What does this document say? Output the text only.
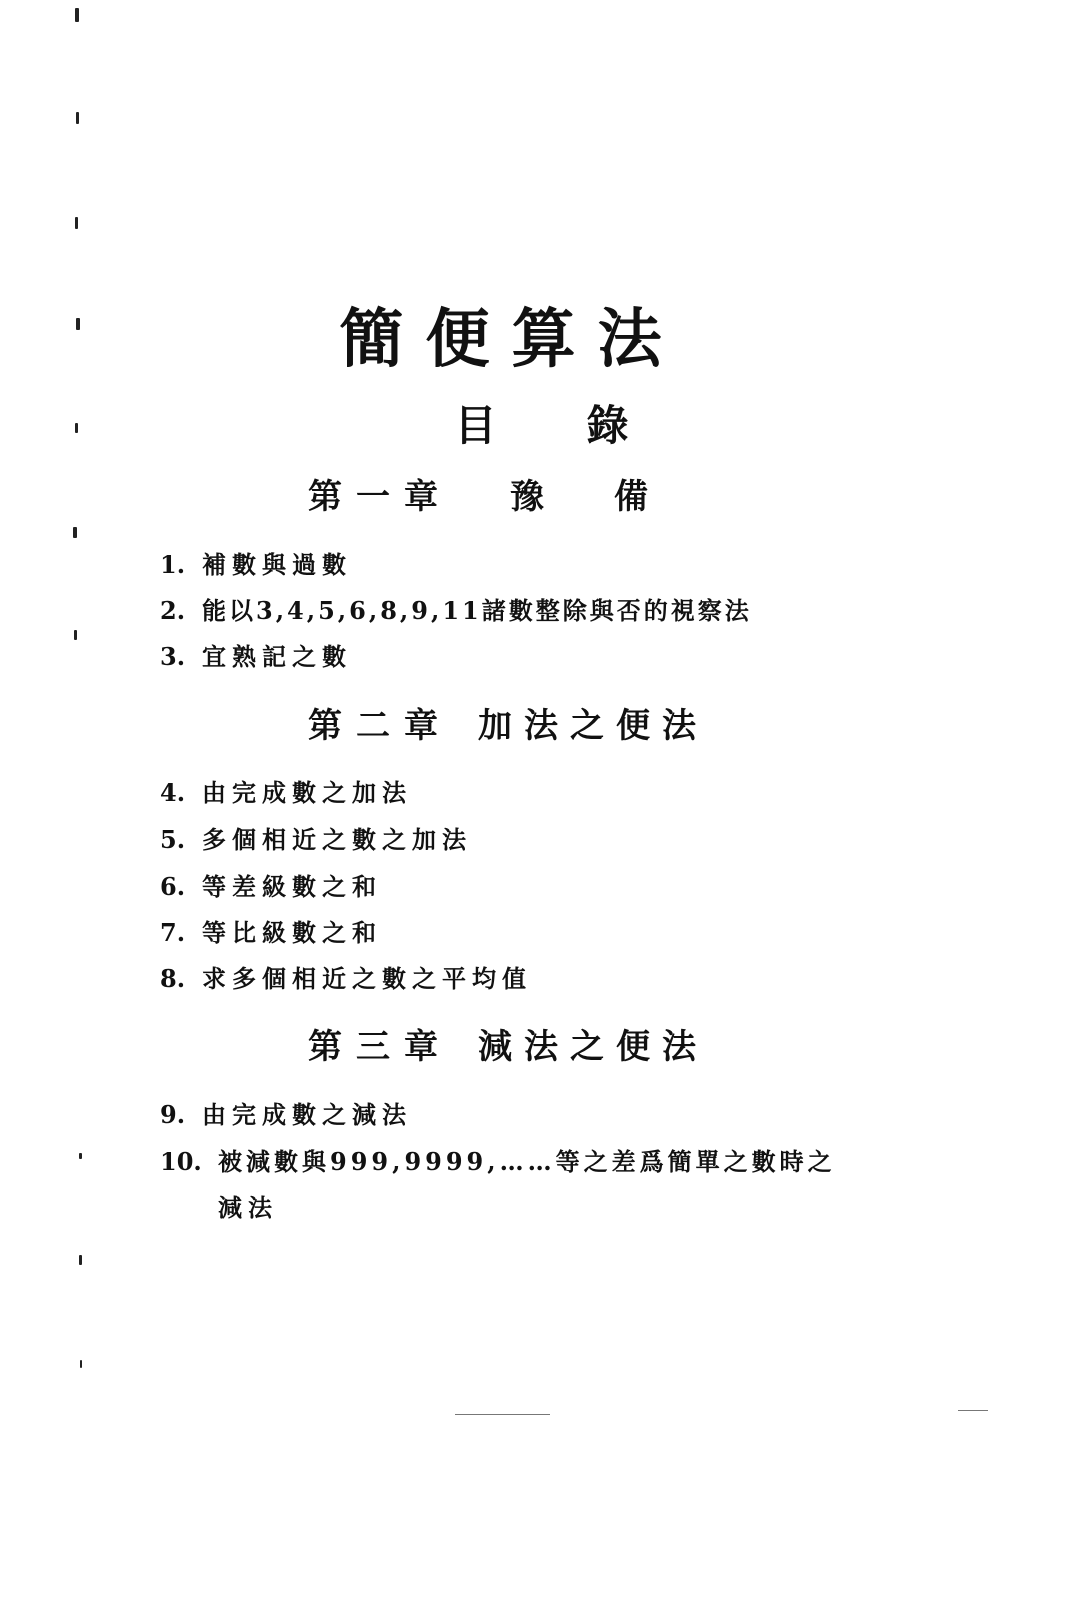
簡便算法
目 錄
第一章 豫備
1. 補數與過數
2. 能以3,4,5,6,8,9,11諸數整除與否的視察法
3. 宜熟記之數
第二章 加法之便法
4. 由完成數之加法
5. 多個相近之數之加法
6. 等差級數之和
7. 等比級數之和
8. 求多個相近之數之平均值
第三章 減法之便法
9. 由完成數之減法
10. 被減數與999,9999,……等之差爲簡單之數時之
減法
